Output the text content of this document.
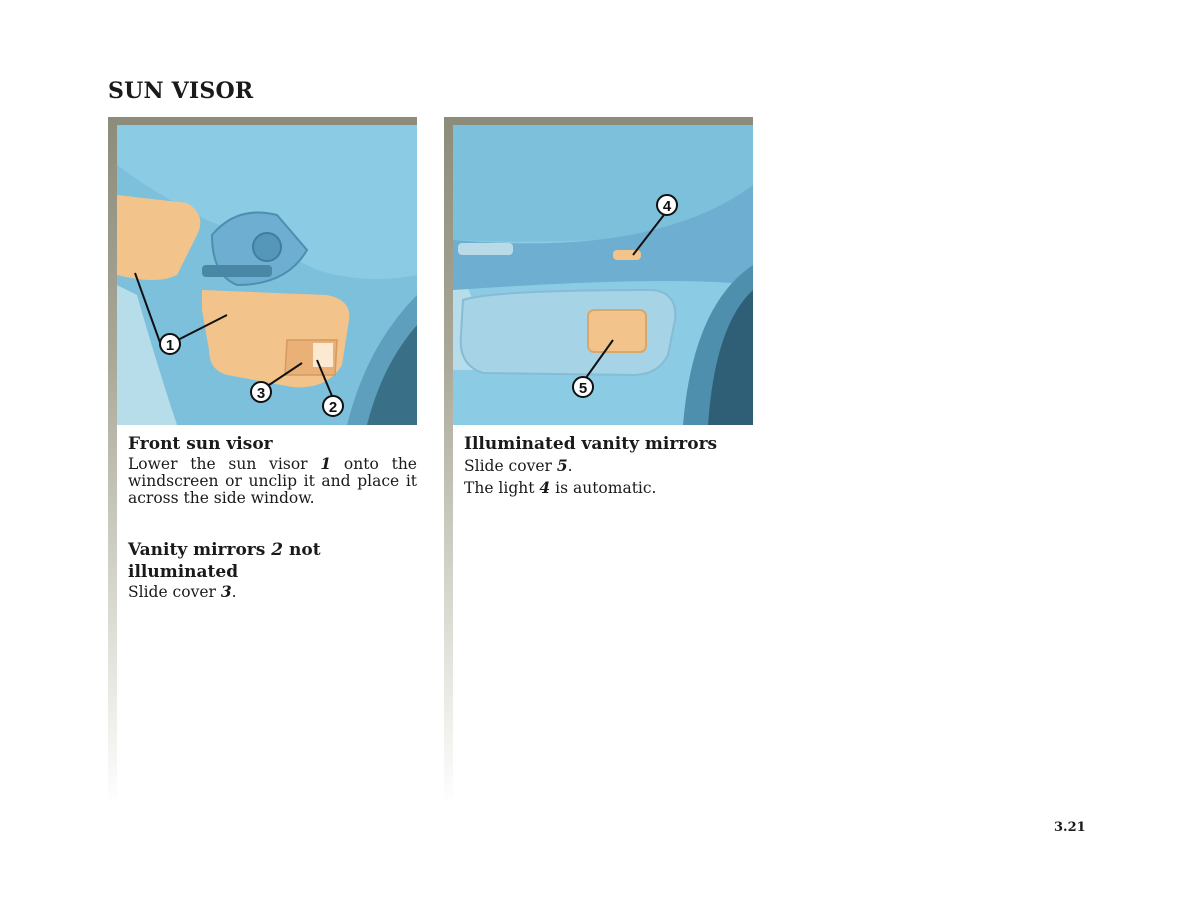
SUN VISOR
1
3
2
4
5

Front sun visor

Lower the sun visor 1 onto the windscreen or unclip it and place it across the side window.

Vanity mirrors 2 not illuminated

Slide cover 3.

Illuminated vanity mirrors

Slide cover 5.

The light 4 is automatic.

3.21
